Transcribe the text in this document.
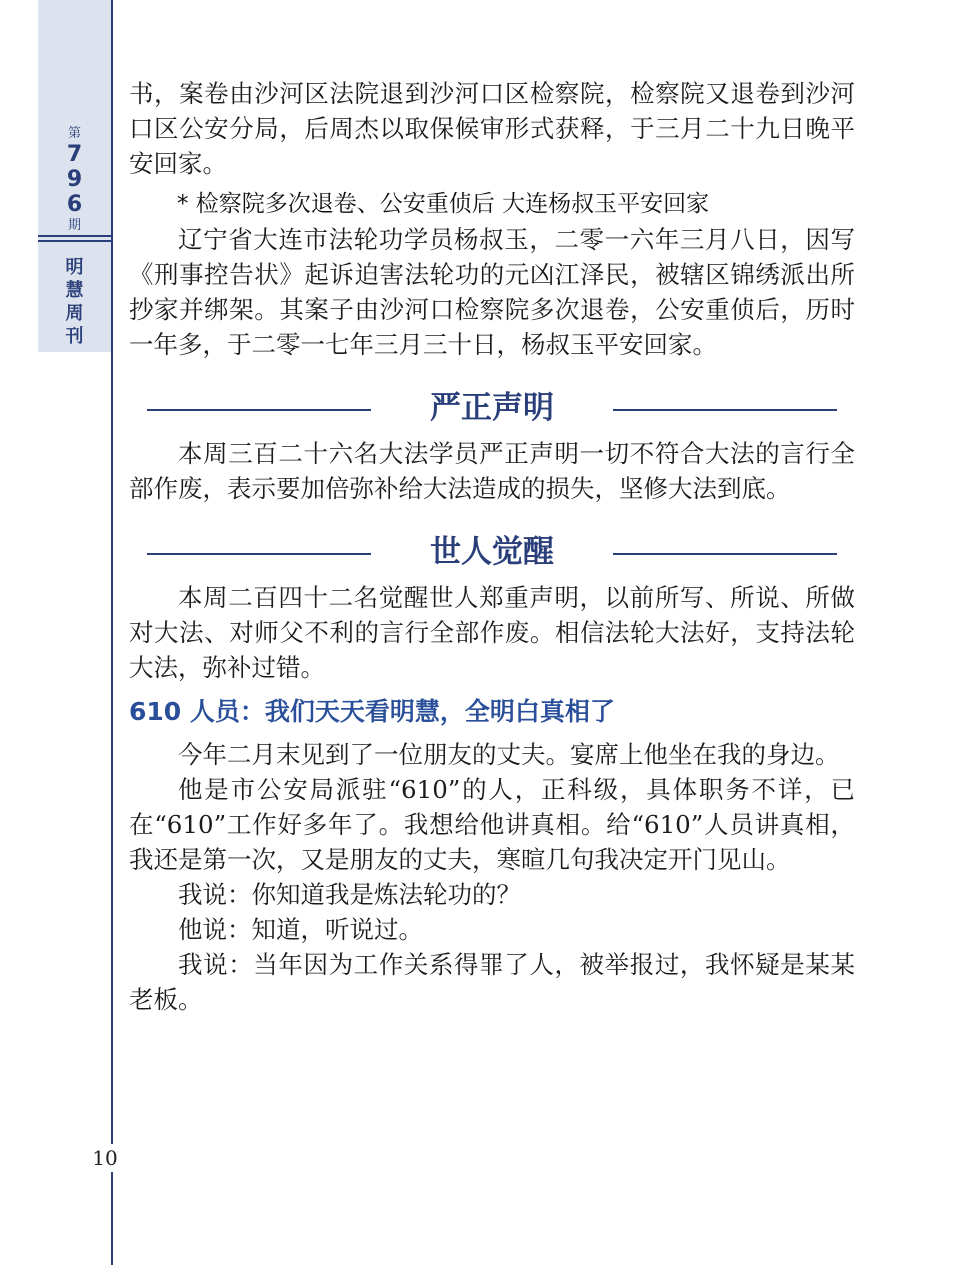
第
7
9
6
期
明
慧
周
刊
10

书，案卷由沙河区法院退到沙河口区检察院，检察院又退卷到沙河口区公安分局，后周杰以取保候审形式获释，于三月二十九日晚平安回家。

* 检察院多次退卷、公安重侦后 大连杨叔玉平安回家

辽宁省大连市法轮功学员杨叔玉，二零一六年三月八日，因写《刑事控告状》起诉迫害法轮功的元凶江泽民，被辖区锦绣派出所抄家并绑架。其案子由沙河口检察院多次退卷，公安重侦后，历时一年多，于二零一七年三月三十日，杨叔玉平安回家。

严正声明

本周三百二十六名大法学员严正声明一切不符合大法的言行全部作废，表示要加倍弥补给大法造成的损失，坚修大法到底。

世人觉醒

本周二百四十二名觉醒世人郑重声明，以前所写、所说、所做对大法、对师父不利的言行全部作废。相信法轮大法好，支持法轮大法，弥补过错。

610 人员：我们天天看明慧，全明白真相了

今年二月末见到了一位朋友的丈夫。宴席上他坐在我的身边。

他是市公安局派驻“610”的人，正科级，具体职务不详，已在“610”工作好多年了。我想给他讲真相。给“610”人员讲真相，我还是第一次，又是朋友的丈夫，寒暄几句我决定开门见山。

我说：你知道我是炼法轮功的？

他说：知道，听说过。

我说：当年因为工作关系得罪了人，被举报过，我怀疑是某某老板。
